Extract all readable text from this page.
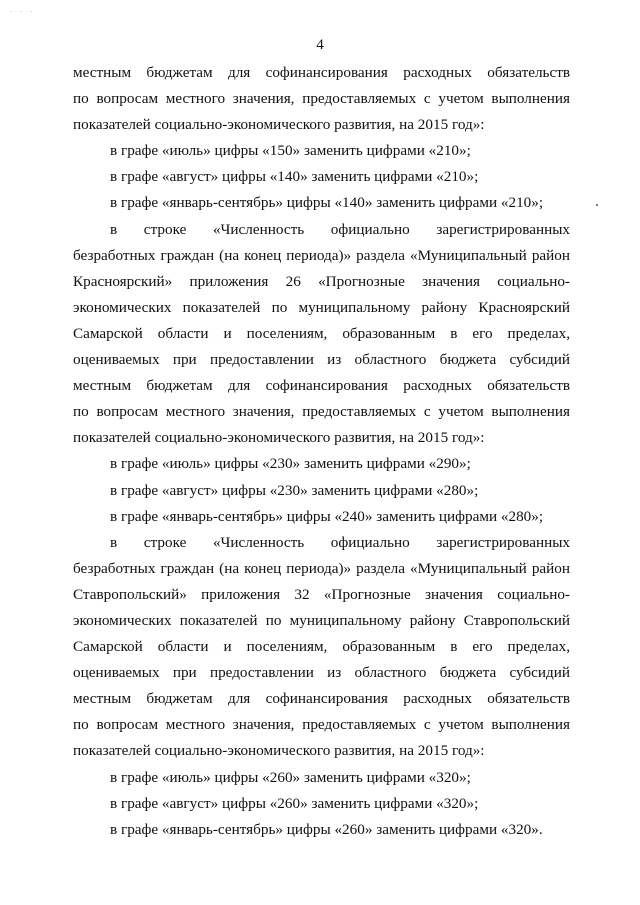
· · ·
4
местным бюджетам для софинансирования расходных обязательств
по вопросам местного значения, предоставляемых с учетом выполнения
показателей социально-экономического развития, на 2015 год»:
в графе «июль» цифры «150» заменить цифрами «210»;
в графе «август» цифры «140» заменить цифрами «210»;
в графе «январь-сентябрь» цифры «140» заменить цифрами «210»;
в строке «Численность официально зарегистрированных
безработных граждан (на конец периода)» раздела «Муниципальный район
Красноярский» приложения 26 «Прогнозные значения социально-
экономических показателей по муниципальному району Красноярский
Самарской области и поселениям, образованным в его пределах,
оцениваемых при предоставлении из областного бюджета субсидий
местным бюджетам для софинансирования расходных обязательств
по вопросам местного значения, предоставляемых с учетом выполнения
показателей социально-экономического развития, на 2015 год»:
в графе «июль» цифры «230» заменить цифрами «290»;
в графе «август» цифры «230» заменить цифрами «280»;
в графе «январь-сентябрь» цифры «240» заменить цифрами «280»;
в строке «Численность официально зарегистрированных
безработных граждан (на конец периода)» раздела «Муниципальный район
Ставропольский» приложения 32 «Прогнозные значения социально-
экономических показателей по муниципальному району Ставропольский
Самарской области и поселениям, образованным в его пределах,
оцениваемых при предоставлении из областного бюджета субсидий
местным бюджетам для софинансирования расходных обязательств
по вопросам местного значения, предоставляемых с учетом выполнения
показателей социально-экономического развития, на 2015 год»:
в графе «июль» цифры «260» заменить цифрами «320»;
в графе «август» цифры «260» заменить цифрами «320»;
в графе «январь-сентябрь» цифры «260» заменить цифрами «320».
